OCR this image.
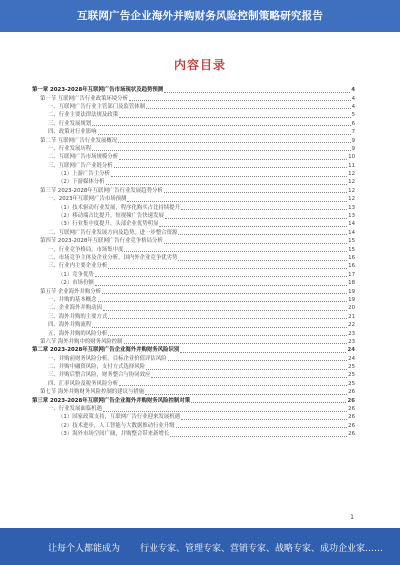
互联网广告企业海外并购财务风险控制策略研究报告
内容目录
第一章 2023-2028年互联网广告市场现状及趋势预测	4
第一节 互联网广告行业政策环境分析	4
一、互联网广告行业主管部门及监管体制	4
二、行业主要法律法规及政策	5
三、行业发展规划	6
四、政策对行业影响	7
第二节 互联网广告行业发展概况	9
一、行业发展历程	9
二、互联网广告市场规模分析	10
三、互联网广告产业链分析	11
（1）上游广告主分析	12
（2）下游媒体分析	12
第三节 2023-2028年互联网广告行业发展趋势分析	12
一、2023年互联网广告市场预测	12
（1）技术驱动行业发展，程序化购买占比持续提升	13
（2）移动端占比提升，短视频广告快速发展	13
（3）行业集中度提升，头部企业优势明显	14
二、互联网广告行业发展方向及趋势，进一步整合资源	14
第四节 2023-2028年互联网广告行业竞争格局分析	15
一、行业竞争格局，市场集中度	15
二、市场竞争主体及企业分析，国内外企业竞争优劣势	16
三、行业内主要企业分析	16
（1）竞争优势	17
（2）市场份额	18
第五节 企业海外并购分析	19
一、并购的基本概念	19
二、企业海外并购动因	20
三、海外并购的主要方式	21
四、海外并购流程	22
五、海外并购的风险分析	23
第六节 海外并购中的财务风险控制	23
第二章 2023-2028年互联网广告企业海外并购财务风险识别	24
一、并购前财务风险分析，目标企业价值评估风险	24
二、并购中融资风险，支付方式选择风险	25
三、并购后整合风险，财务整合与协同效应	25
四、汇率风险及税务风险分析	25
第七节 海外并购财务风险控制的建议与措施	26
第三章 2023-2028年互联网广告企业海外并购财务风险控制对策	26
一、行业发展面临机遇	26
（1）国家政策支持，互联网广告行业迎来发展机遇	26
（2）技术进步，人工智能与大数据推动行业升级	26
（3）海外市场空间广阔，并购整合带来新增长	26
1
让每个人都能成为 行业专家、管理专家、营销专家、战略专家、成功企业家……
